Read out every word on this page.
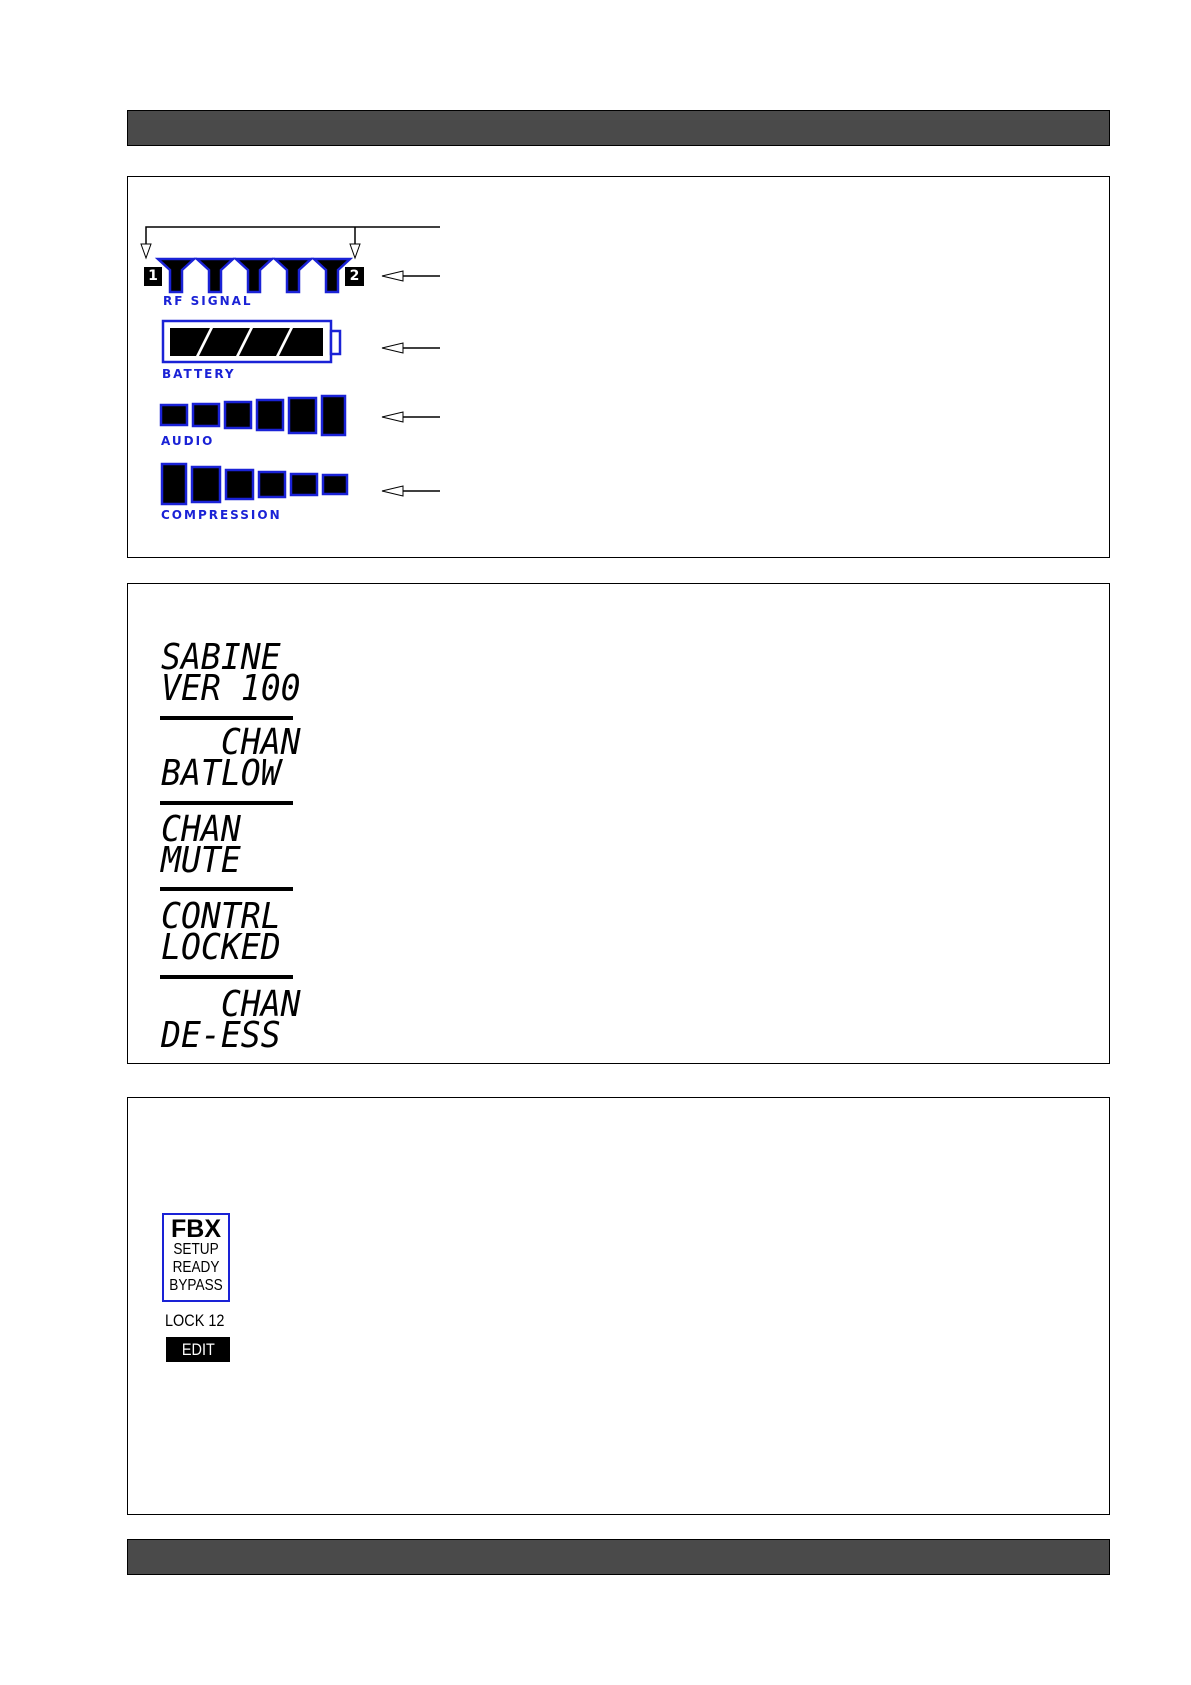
1	2
RF SIGNAL
BATTERY
AUDIO
COMPRESSION
SABINE
VER 100
CHAN
BATLOW
CHAN
MUTE
CONTRL
LOCKED
CHAN
DE-ESS
FBX
SETUP
READY
BYPASS
LOCK 12
EDIT
